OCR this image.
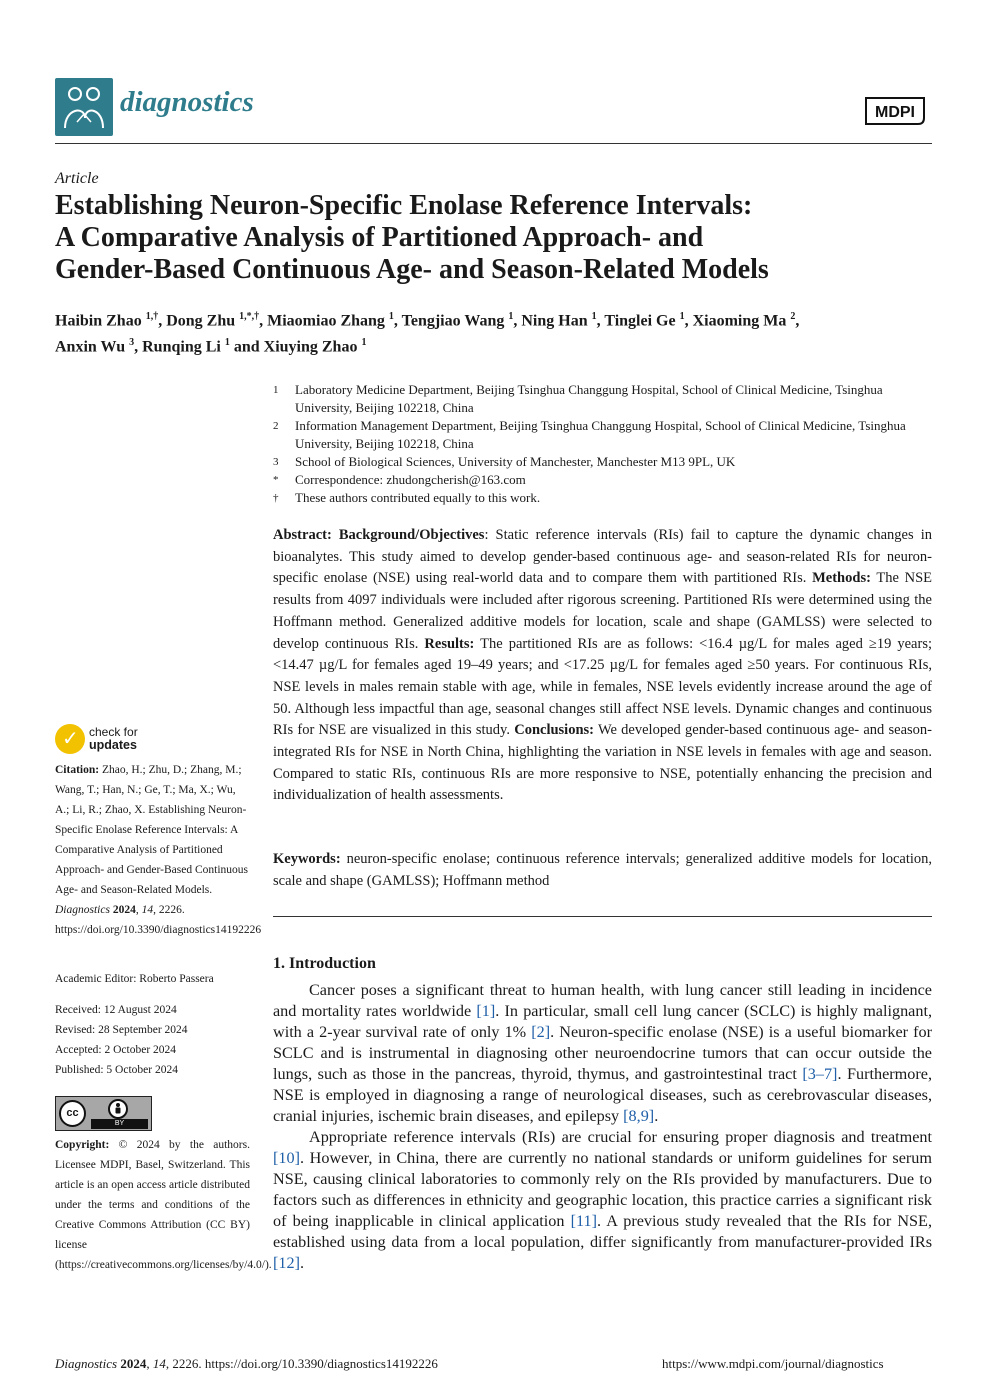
diagnostics	MDPI
Article
Establishing Neuron-Specific Enolase Reference Intervals:
A Comparative Analysis of Partitioned Approach- and
Gender-Based Continuous Age- and Season-Related Models
Haibin Zhao $^{1,\dagger}$, Dong Zhu $^{1,*,\dagger}$, Miaomiao Zhang $^1$, Tengjiao Wang $^1$, Ning Han $^1$, Tinglei Ge $^1$, Xiaoming Ma $^2$,
Anxin Wu $^3$, Runqing Li $^1$ and Xiuying Zhao $^1$
1 Laboratory Medicine Department, Beijing Tsinghua Changgung Hospital, School of Clinical Medicine, Tsinghua University, Beijing 102218, China
2 Information Management Department, Beijing Tsinghua Changgung Hospital, School of Clinical Medicine, Tsinghua University, Beijing 102218, China
3 School of Biological Sciences, University of Manchester, Manchester M13 9PL, UK
* Correspondence: zhudongcherish@163.com
† These authors contributed equally to this work.
Abstract: Background/Objectives: Static reference intervals (RIs) fail to capture the dynamic changes in bioanalytes. This study aimed to develop gender-based continuous age- and season-related RIs for neuron-specific enolase (NSE) using real-world data and to compare them with partitioned RIs. Methods: The NSE results from 4097 individuals were included after rigorous screening. Partitioned RIs were determined using the Hoffmann method. Generalized additive models for location, scale and shape (GAMLSS) were selected to develop continuous RIs. Results: The partitioned RIs are as follows: <16.4 µg/L for males aged ≥19 years; <14.47 µg/L for females aged 19–49 years; and <17.25 µg/L for females aged ≥50 years. For continuous RIs, NSE levels in males remain stable with age, while in females, NSE levels evidently increase around the age of 50. Although less impactful than age, seasonal changes still affect NSE levels. Dynamic changes and continuous RIs for NSE are visualized in this study. Conclusions: We developed gender-based continuous age- and season-integrated RIs for NSE in North China, highlighting the variation in NSE levels in females with age and season. Compared to static RIs, continuous RIs are more responsive to NSE, potentially enhancing the precision and individualization of health assessments.
Keywords: neuron-specific enolase; continuous reference intervals; generalized additive models for location, scale and shape (GAMLSS); Hoffmann method
1. Introduction

Cancer poses a significant threat to human health, with lung cancer still leading in incidence and mortality rates worldwide [1]. In particular, small cell lung cancer (SCLC) is highly malignant, with a 2-year survival rate of only 1% [2]. Neuron-specific enolase (NSE) is a useful biomarker for SCLC and is instrumental in diagnosing other neuroendocrine tumors that can occur outside the lungs, such as those in the pancreas, thyroid, thymus, and gastrointestinal tract [3–7]. Furthermore, NSE is employed in diagnosing a range of neurological diseases, such as cerebrovascular diseases, cranial injuries, ischemic brain diseases, and epilepsy [8,9].

Appropriate reference intervals (RIs) are crucial for ensuring proper diagnosis and treatment [10]. However, in China, there are currently no national standards or uniform guidelines for serum NSE, causing clinical laboratories to commonly rely on the RIs provided by manufacturers. Due to factors such as differences in ethnicity and geographic location, this practice carries a significant risk of being inapplicable in clinical application [11]. A previous study revealed that the RIs for NSE, established using data from a local population, differ significantly from manufacturer-provided IRs [12].

✓ check for
updates
Citation: Zhao, H.; Zhu, D.; Zhang, M.; Wang, T.; Han, N.; Ge, T.; Ma, X.; Wu, A.; Li, R.; Zhao, X. Establishing Neuron-Specific Enolase Reference Intervals: A Comparative Analysis of Partitioned Approach- and Gender-Based Continuous Age- and Season-Related Models. Diagnostics 2024, 14, 2226. https://doi.org/10.3390/diagnostics14192226
Academic Editor: Roberto Passera
Received: 12 August 2024
Revised: 28 September 2024
Accepted: 2 October 2024
Published: 5 October 2024
cc
BY
Copyright: © 2024 by the authors. Licensee MDPI, Basel, Switzerland. This article is an open access article distributed under the terms and conditions of the Creative Commons Attribution (CC BY) license (https://creativecommons.org/licenses/by/4.0/).
Diagnostics 2024, 14, 2226. https://doi.org/10.3390/diagnostics14192226	https://www.mdpi.com/journal/diagnostics
